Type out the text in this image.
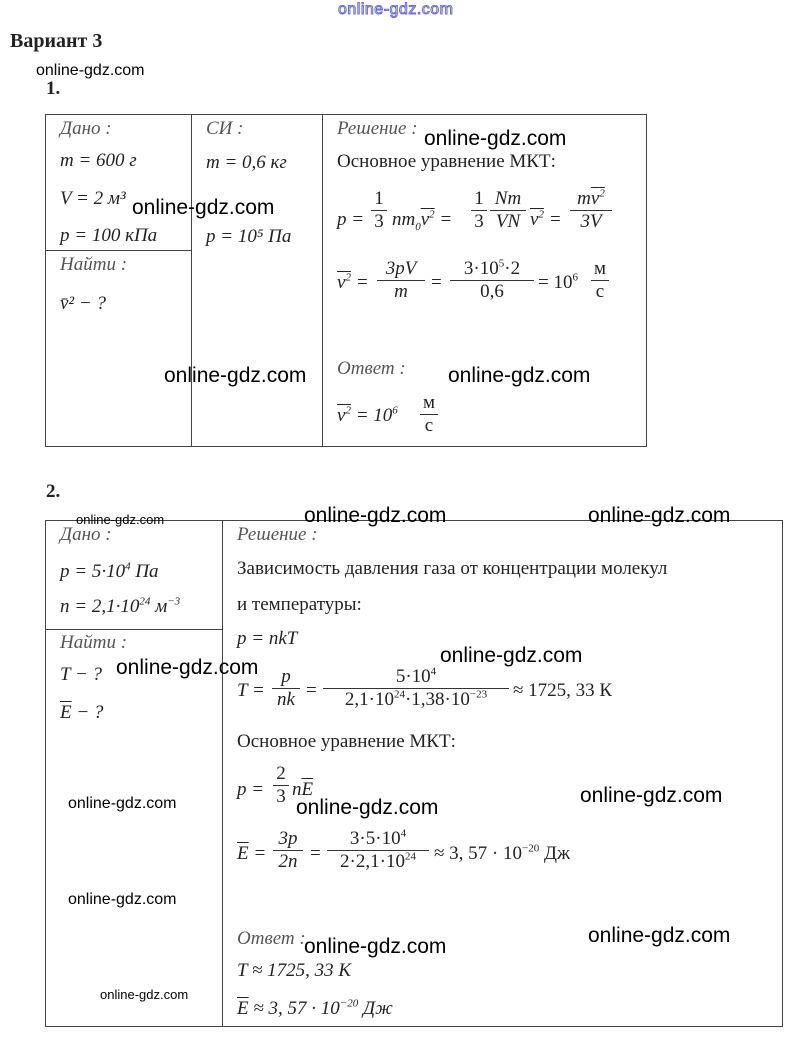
online-gdz.com
Вариант 3
online-gdz.com
1.
Дано :
m = 600 г
V = 2 м³
p = 100 кПа
Найти :
v̄² − ?
СИ :
m = 0,6 кг
p = 10⁵ Па
Решение :
Основное уравнение МКТ:
$p = \frac{1}{3} nm_0v^2 = \frac{1}{3} \frac{Nm}{VN} v^2 = \frac{mv^2}{3V}$
$v^2 = \frac{3pV}{m} = \frac{3\cdot 10^5\cdot 2}{0,6} = 10^6$ м
с
Ответ :
$v^2 = 10^6$ м
с
online-gdz.com
online-gdz.com
online-gdz.com	online-gdz.com
2.
Дано :
$p = 5\cdot 10^4$ Па
$n = 2,1\cdot 10^{24}$ $м^{-3}$
Найти :
T − ?
$\overline{E}$ − ?
Решение :
Зависимость давления газа от концентрации молекул
и температуры:
p = nkT
$T = \frac{p}{nk} = \frac{5\cdot 10^4}{2,1\cdot 10^{24}\cdot 1,38\cdot 10^{-23}} \approx 1725$, 33 К
Основное уравнение МКТ:
$p = \frac{2}{3} n\overline{E}$
$\overline{E} = \frac{3p}{2n} = \frac{3\cdot 5\cdot 10^4}{2\cdot 2,1\cdot 10^{24}} \approx 3$, $57 \cdot 10^{-20}$ Дж
Ответ :
T ≈ 1725, 33 К
$\overline{E} \approx 3$, $57 \cdot 10^{-20}$ Дж
online-gdz.com	online-gdz.com	online-gdz.com
online-gdz.com
online-gdz.com
online-gdz.com	online-gdz.com
online-gdz.com
online-gdz.com
online-gdz.com	online-gdz.com
online-gdz.com
